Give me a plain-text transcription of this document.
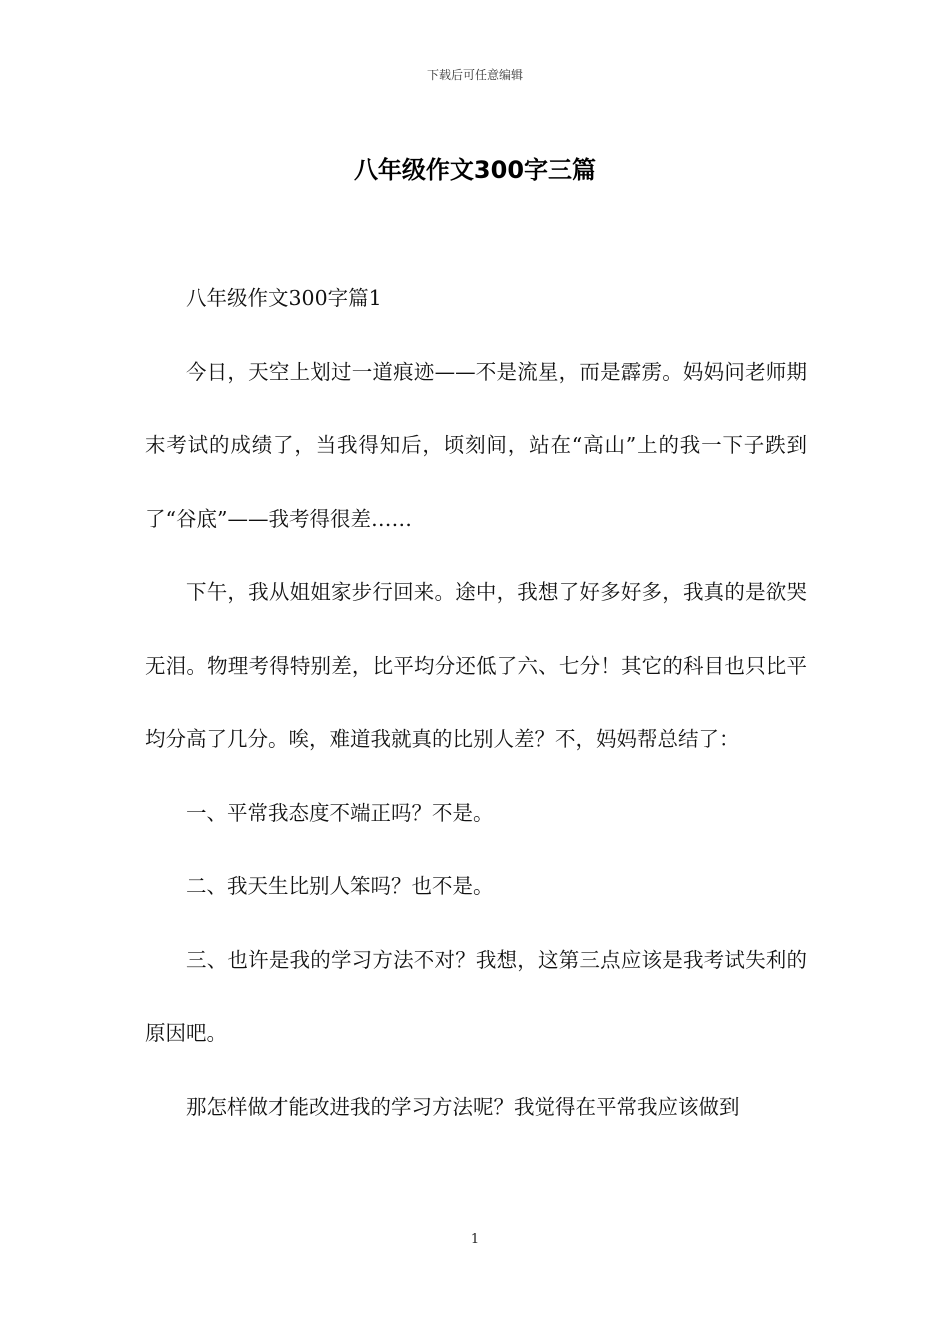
下载后可任意编辑
八年级作文300字三篇

八年级作文300字篇1

今日，天空上划过一道痕迹——不是流星，而是霹雳。妈妈问老师期末考试的成绩了，当我得知后，顷刻间，站在“高山”上的我一下子跌到了“谷底”——我考得很差……

下午，我从姐姐家步行回来。途中，我想了好多好多，我真的是欲哭无泪。物理考得特别差，比平均分还低了六、七分！其它的科目也只比平均分高了几分。唉，难道我就真的比别人差？不，妈妈帮总结了：

一、平常我态度不端正吗？不是。

二、我天生比别人笨吗？也不是。

三、也许是我的学习方法不对？我想，这第三点应该是我考试失利的原因吧。

那怎样做才能改进我的学习方法呢？我觉得在平常我应该做到

1
